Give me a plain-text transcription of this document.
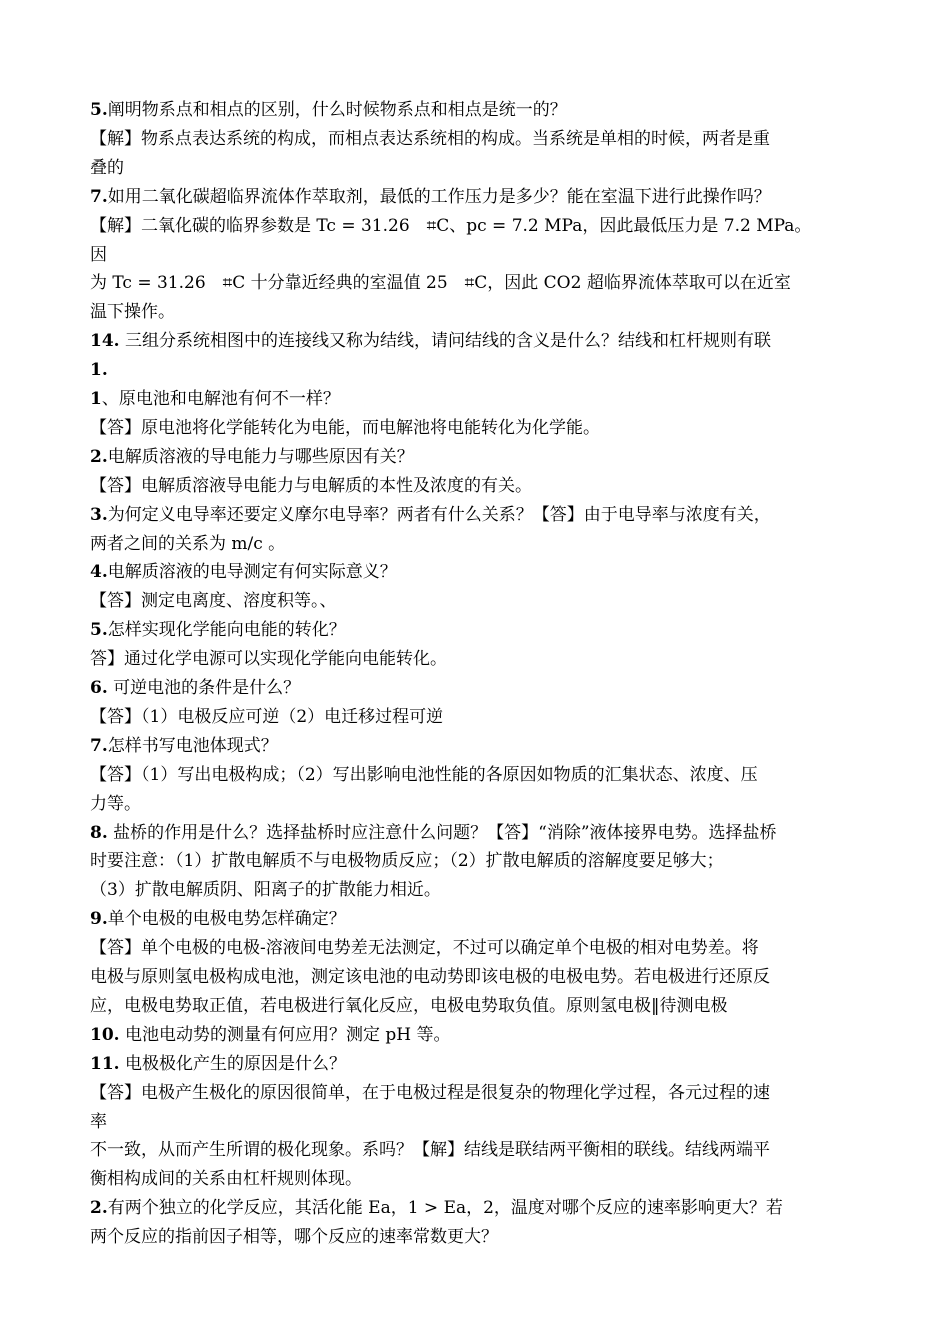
5.阐明物系点和相点的区别，什么时候物系点和相点是统一的？
【解】物系点表达系统的构成，而相点表达系统相的构成。当系统是单相的时候，两者是重
叠的
7.如用二氧化碳超临界流体作萃取剂，最低的工作压力是多少？能在室温下进行此操作吗？
【解】二氧化碳的临界参数是 Tc = 31.26　⌗C、pc = 7.2 MPa，因此最低压力是 7.2 MPa。
因
为 Tc = 31.26　⌗C 十分靠近经典的室温值 25　⌗C，因此 CO2 超临界流体萃取可以在近室
温下操作。
14. 三组分系统相图中的连接线又称为结线，请问结线的含义是什么？结线和杠杆规则有联
1.
1、原电池和电解池有何不一样？
【答】原电池将化学能转化为电能，而电解池将电能转化为化学能。
2.电解质溶液的导电能力与哪些原因有关？
【答】电解质溶液导电能力与电解质的本性及浓度的有关。
3.为何定义电导率还要定义摩尔电导率？两者有什么关系？【答】由于电导率与浓度有关，
两者之间的关系为 m/c 。
4.电解质溶液的电导测定有何实际意义？
【答】测定电离度、溶度积等。、
5.怎样实现化学能向电能的转化？
答】通过化学电源可以实现化学能向电能转化。
6. 可逆电池的条件是什么？
【答】（1）电极反应可逆（2）电迁移过程可逆
7.怎样书写电池体现式？
【答】（1）写出电极构成；（2）写出影响电池性能的各原因如物质的汇集状态、浓度、压
力等。
8. 盐桥的作用是什么？选择盐桥时应注意什么问题？【答】“消除”液体接界电势。选择盐桥
时要注意：（1）扩散电解质不与电极物质反应；（2）扩散电解质的溶解度要足够大；
（3）扩散电解质阴、阳离子的扩散能力相近。
9.单个电极的电极电势怎样确定？
【答】单个电极的电极-溶液间电势差无法测定，不过可以确定单个电极的相对电势差。将
电极与原则氢电极构成电池，测定该电池的电动势即该电极的电极电势。若电极进行还原反
应，电极电势取正值，若电极进行氧化反应，电极电势取负值。原则氢电极‖待测电极
10. 电池电动势的测量有何应用？测定 pH 等。
11. 电极极化产生的原因是什么？
【答】电极产生极化的原因很简单，在于电极过程是很复杂的物理化学过程，各元过程的速
率
不一致，从而产生所谓的极化现象。系吗？【解】结线是联结两平衡相的联线。结线两端平
衡相构成间的关系由杠杆规则体现。
2.有两个独立的化学反应，其活化能 Ea，1 > Ea，2，温度对哪个反应的速率影响更大？若
两个反应的指前因子相等，哪个反应的速率常数更大？
